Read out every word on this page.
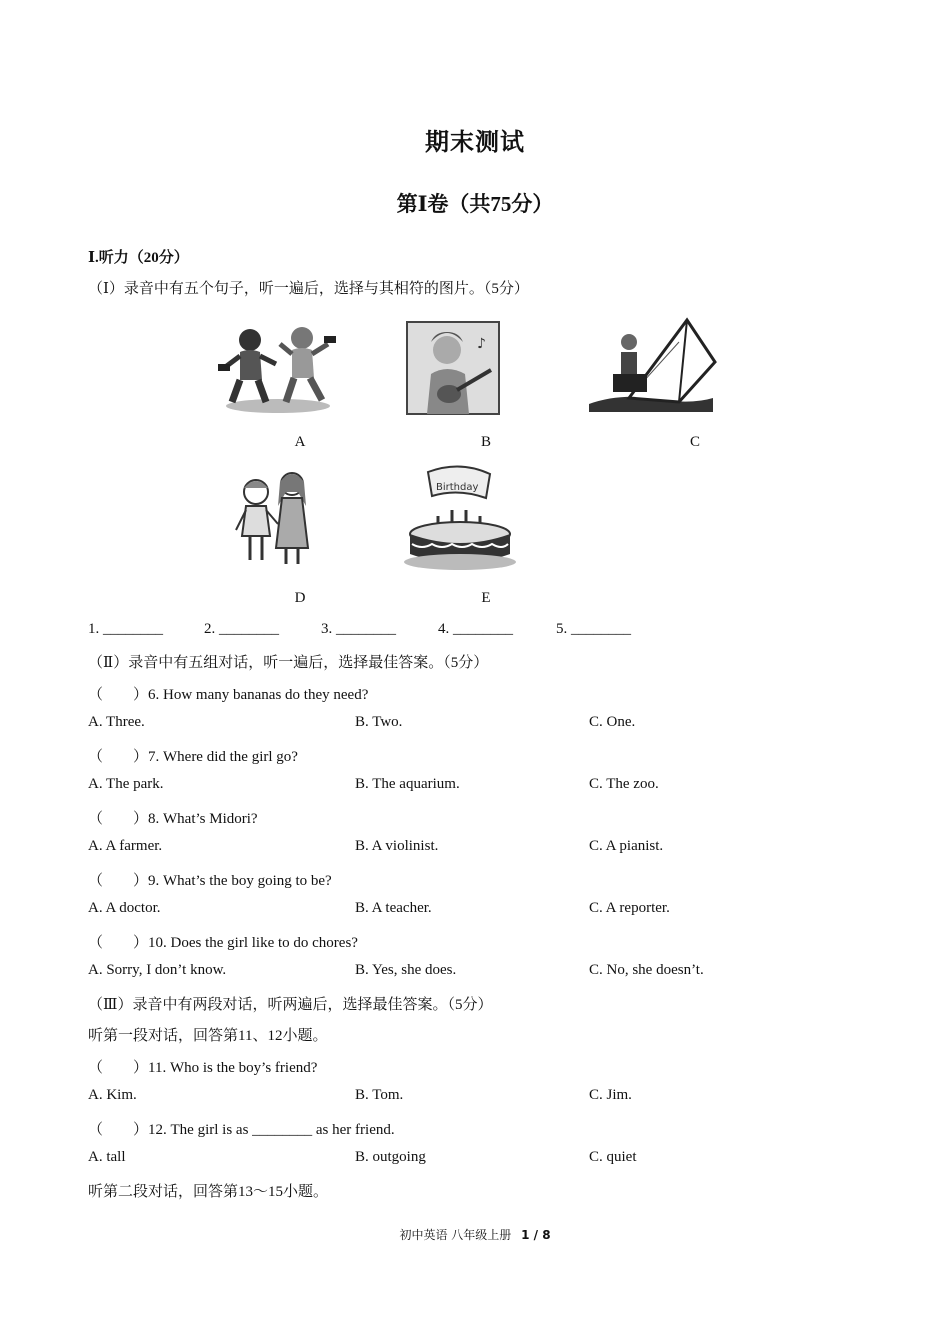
期末测试
第Ⅰ卷（共75分）
Ⅰ.听力（20分）
（Ⅰ）录音中有五个句子，听一遍后，选择与其相符的图片。（5分）
A
♪
B	C
D
Birthday
E
1. ________	2. ________	3. ________	4. ________	5. ________
（Ⅱ）录音中有五组对话，听一遍后，选择最佳答案。（5分）
（　　）6. How many bananas do they need?
A. Three.	B. Two.	C. One.
（　　）7. Where did the girl go?
A. The park.	B. The aquarium.	C. The zoo.
（　　）8. What’s Midori?
A. A farmer.	B. A violinist.	C. A pianist.
（　　）9. What’s the boy going to be?
A. A doctor.	B. A teacher.	C. A reporter.
（　　）10. Does the girl like to do chores?
A. Sorry, I don’t know.	B. Yes, she does.	C. No, she doesn’t.
（Ⅲ）录音中有两段对话，听两遍后，选择最佳答案。（5分）
听第一段对话，回答第11、12小题。
（　　）11. Who is the boy’s friend?
A. Kim.	B. Tom.	C. Jim.
（　　）12. The girl is as ________ as her friend.
A. tall	B. outgoing	C. quiet
听第二段对话，回答第13～15小题。
初中英语 八年级上册 1 / 8
